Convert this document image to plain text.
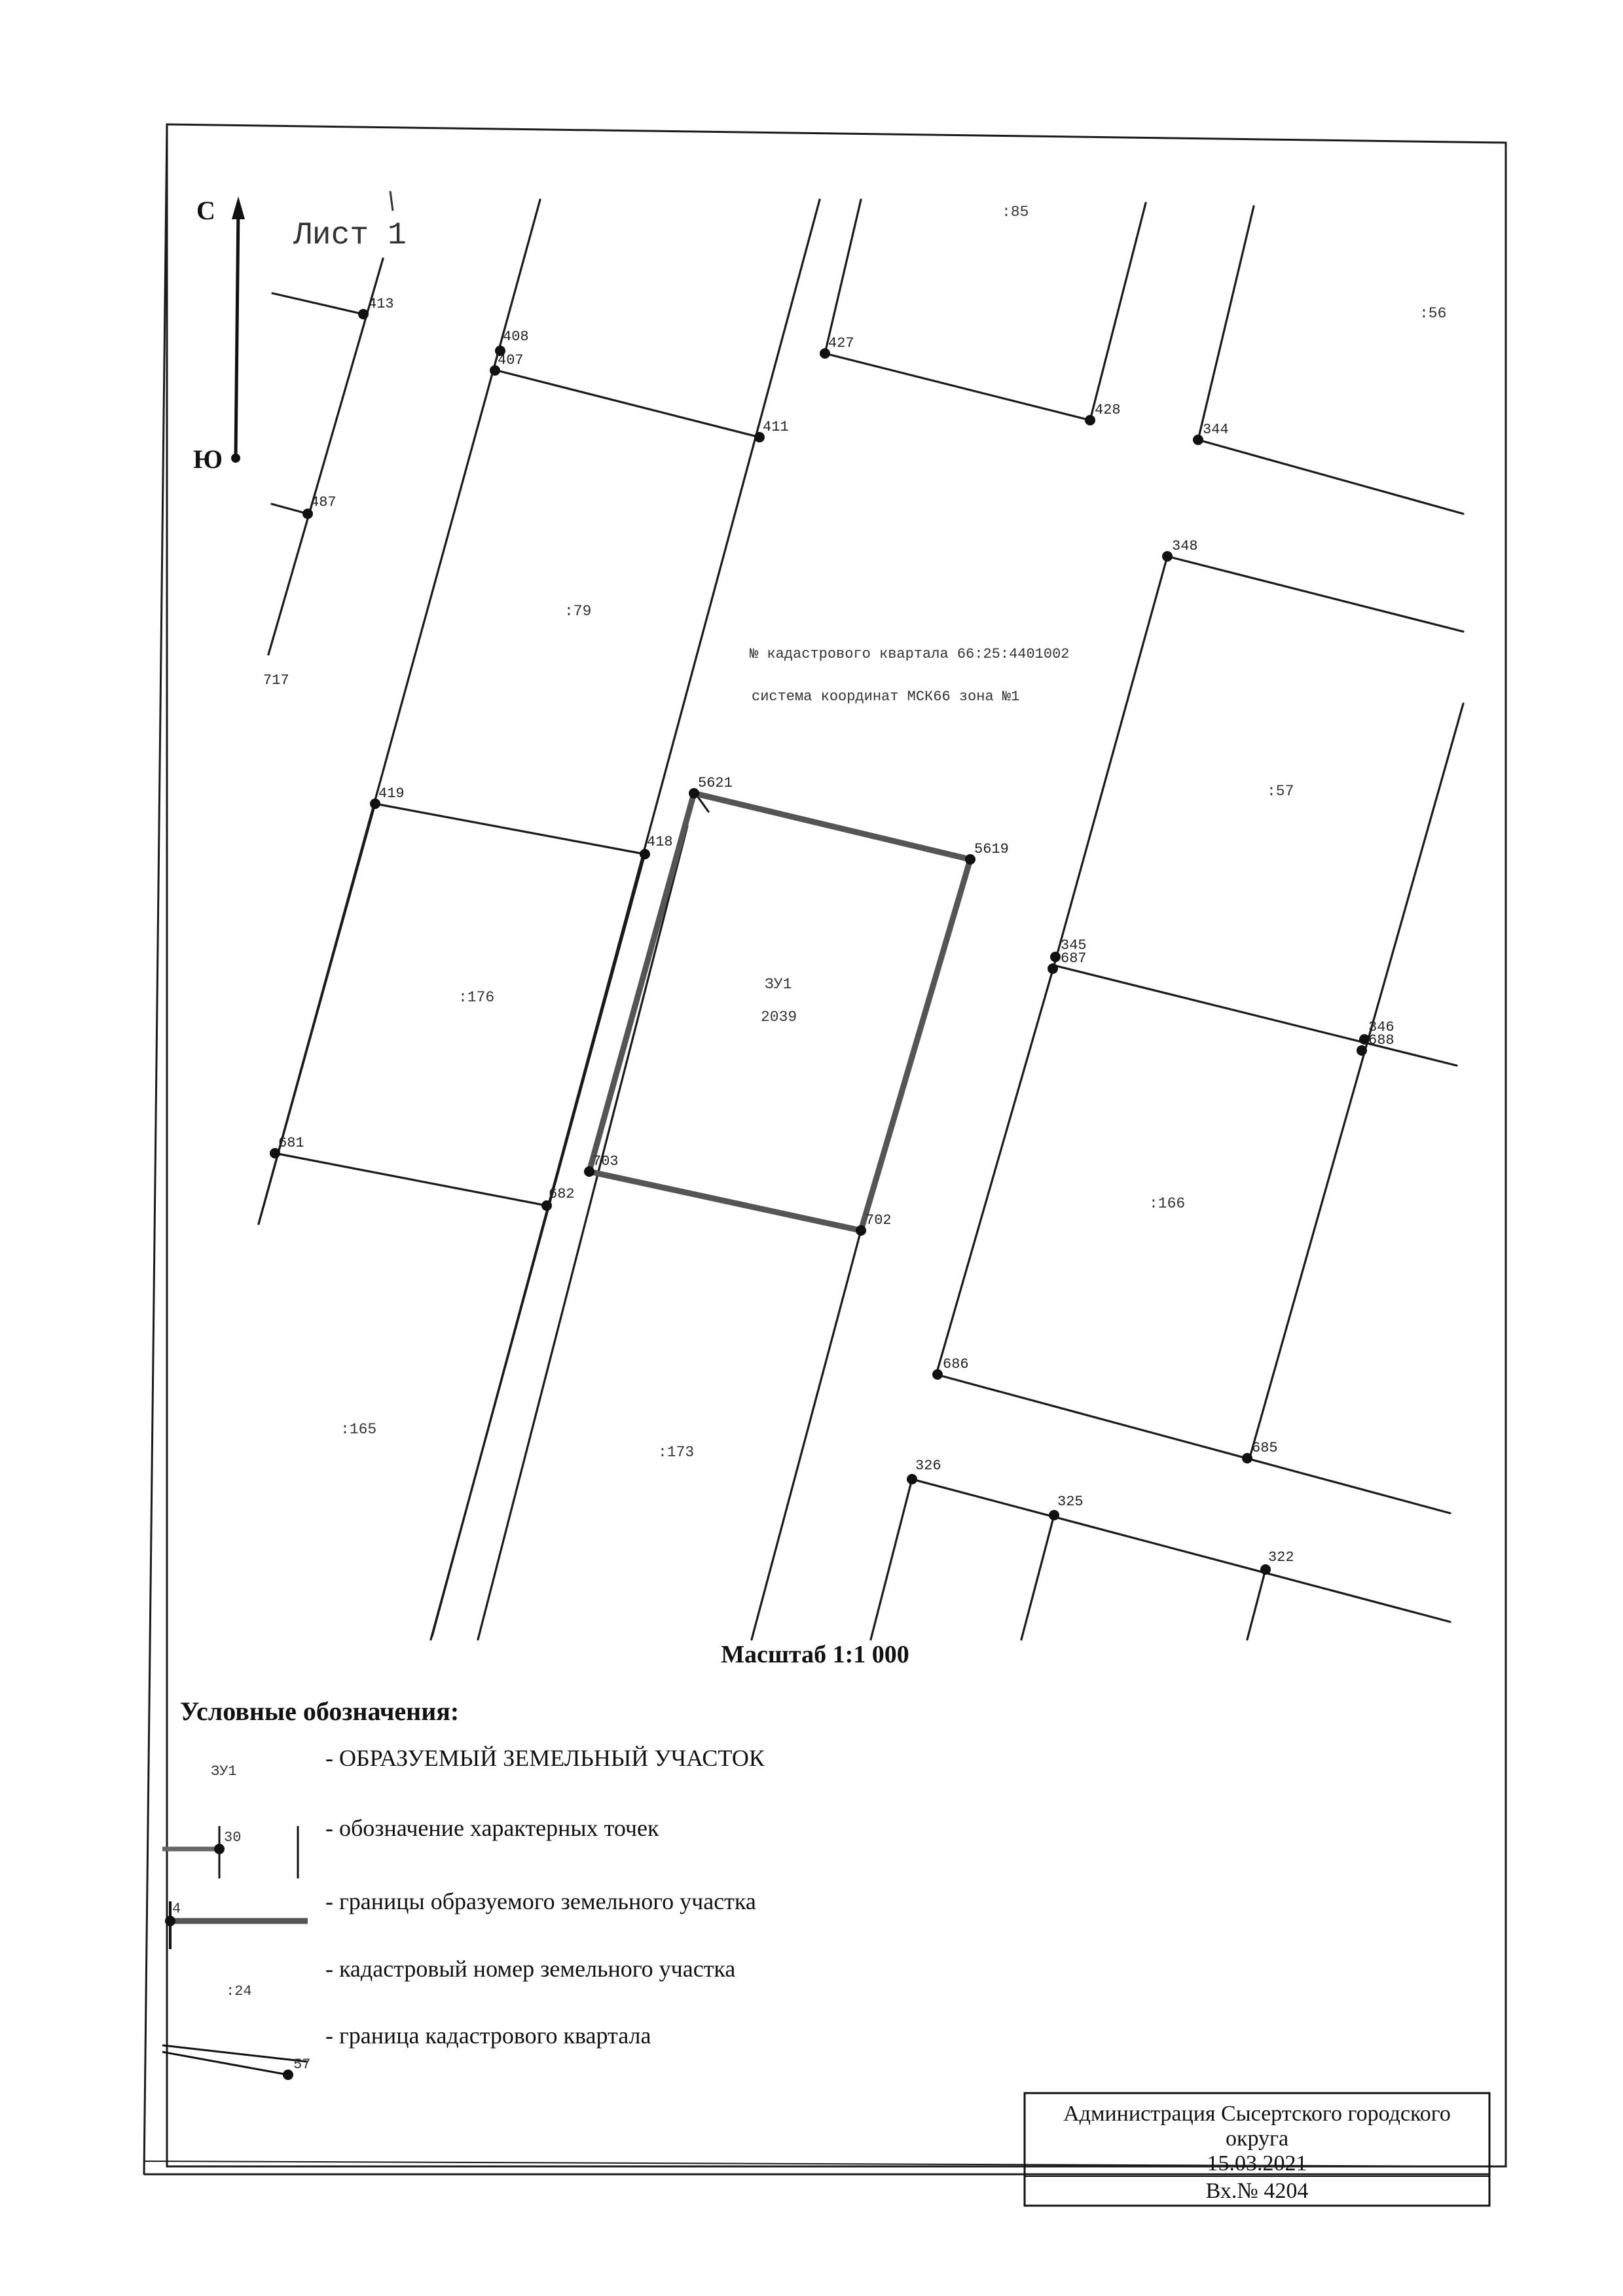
Лист 1
С
Ю
:85
:56
:79
:57
:176
:166
:165
:173
ЗУ1
2039
№ кадастрового квартала 66:25:4401002
система координат МСК66 зона №1
413
408
407
411
427
428
344
487
717
348
5621
5619
419
418
345
687
346
688
681
703
682
702
686
685
326
325
322
Масштаб 1:1 000
Условные обозначения:
ЗУ1
- ОБРАЗУЕМЫЙ ЗЕМЕЛЬНЫЙ УЧАСТОК
30	- обозначение характерных точек
4	- границы образуемого земельного участка
:24
- кадастровый номер земельного участка
57
- граница кадастрового квартала
Администрация Сысертского городского
округа
15.03.2021
Вх.№ 4204
